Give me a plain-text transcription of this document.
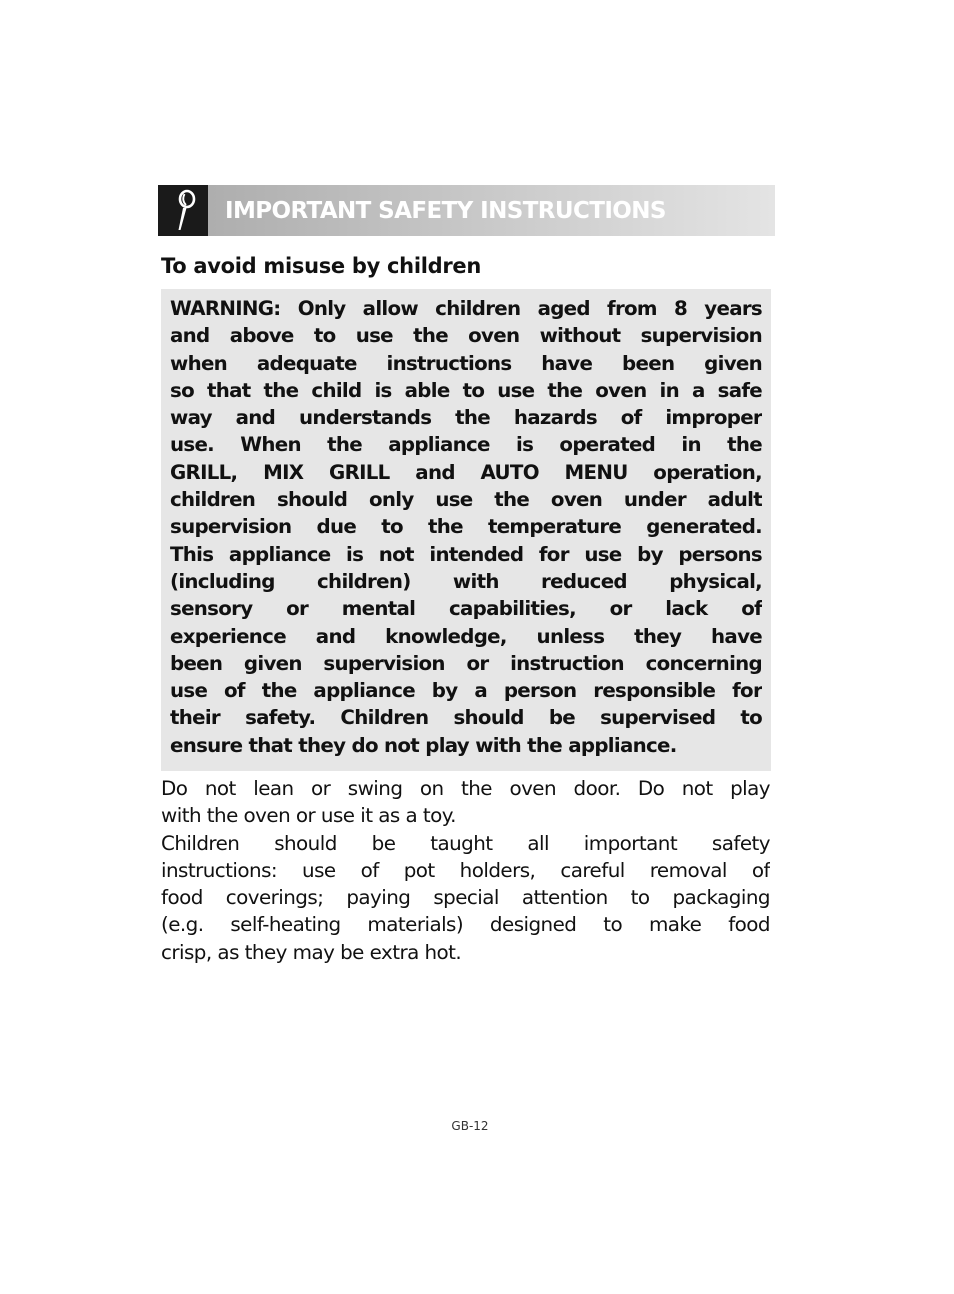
IMPORTANT SAFETY INSTRUCTIONS
To avoid misuse by children
WARNING: Only allow children aged from 8 years
and above to use the oven without supervision
when adequate instructions have been given
so that the child is able to use the oven in a safe
way and understands the hazards of improper
use. When the appliance is operated in the
GRILL, MIX GRILL and AUTO MENU operation,
children should only use the oven under adult
supervision due to the temperature generated.
This appliance is not intended for use by persons
(including children) with reduced physical,
sensory or mental capabilities, or lack of
experience and knowledge, unless they have
been given supervision or instruction concerning
use of the appliance by a person responsible for
their safety. Children should be supervised to
ensure that they do not play with the appliance.
Do not lean or swing on the oven door. Do not play
with the oven or use it as a toy.
Children should be taught all important safety
instructions: use of pot holders, careful removal of
food coverings; paying special attention to packaging
(e.g. self-heating materials) designed to make food
crisp, as they may be extra hot.
GB-12
